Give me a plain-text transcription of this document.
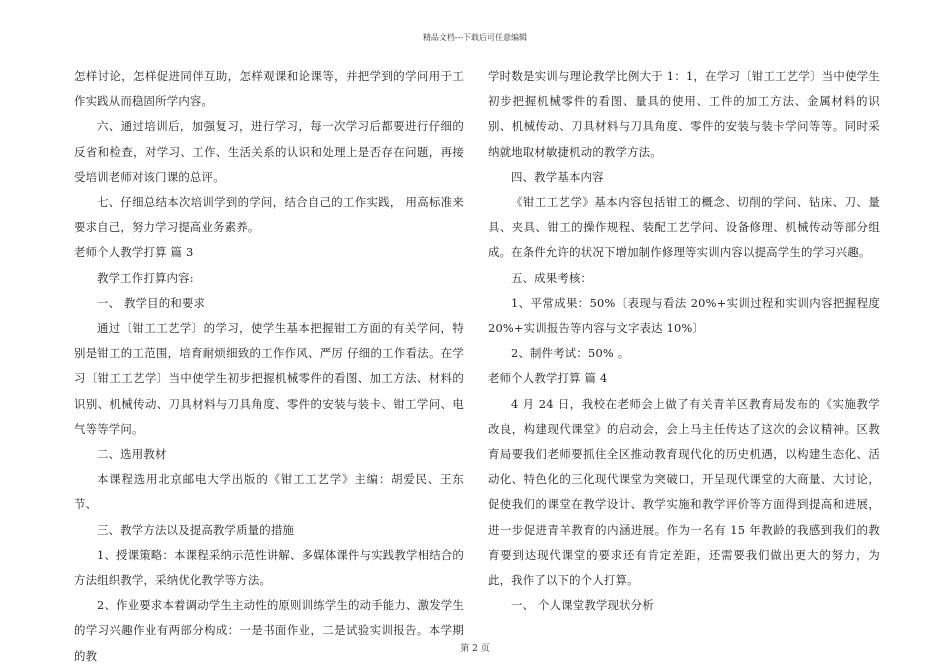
精品文档---下载后可任意编辑

怎样讨论，怎样促进同伴互助，怎样观课和论课等，并把学到的学问用于工作实践从而稳固所学内容。

六、通过培训后，加强复习，进行学习，每一次学习后都要进行仔细的反省和检查，对学习、工作、生活关系的认识和处理上是否存在问题，再接受培训老师对该门课的总评。

七、仔细总结本次培训学到的学问，结合自己的工作实践， 用高标准来要求自己，努力学习提高业务素养。

老师个人教学打算 篇 3

教学工作打算内容:

一、 教学目的和要求

通过〔钳工工艺学〕的学习，使学生基本把握钳工方面的有关学问，特别是钳工的工范围，培育耐烦细致的工作作风、严厉 仔细的工作看法。在学习〔钳工工艺学〕当中使学生初步把握机械零件的看图、加工方法、材料的识别、机械传动、刀具材料与刀具角度、零件的安装与装卡、钳工学问、电气等等学问。

二、选用教材

本课程选用北京邮电大学出版的《钳工工艺学》主编：胡爱民、王东节、

三、教学方法以及提高教学质量的措施

1、授课策略：本课程采纳示范性讲解、多媒体课件与实践教学相结合的方法组织教学，采纳优化教学等方法。

2、作业要求本着调动学生主动性的原则训练学生的动手能力、激发学生的学习兴趣作业有两部分构成：一是书面作业，二是试验实训报告。本学期的教

学时数是实训与理论教学比例大于 1：1，在学习〔钳工工艺学〕当中使学生初步把握机械零件的看图、量具的使用、工件的加工方法、金属材料的识别、机械传动、刀具材料与刀具角度、零件的安装与装卡学问等等。同时采纳就地取材敏捷机动的教学方法。

四、教学基本内容

《钳工工艺学》基本内容包括钳工的概念、切削的学问、钻床、刀、量具、夹具、钳工的操作规程、装配工艺学问、设备修理、机械传动等部分组成。在条件允许的状况下增加制作修理等实训内容以提高学生的学习兴趣。

五、成果考核：

1、平常成果：50%〔表现与看法 20%+实训过程和实训内容把握程度 20%+实训报告等内容与文字表达 10%〕

2、制件考试：50% 。

老师个人教学打算 篇 4

4 月 24 日，我校在老师会上做了有关青羊区教育局发布的《实施教学改良，构建现代课堂》的启动会，会上马主任传达了这次的会议精神。区教育局要我们老师要抓住全区推动教育现代化的历史机遇，以构建生态化、活动化、特色化的三化现代课堂为突破口，开呈现代课堂的大商量、大讨论，促使我们的课堂在教学设计、教学实施和教学评价等方面得到提高和进展，进一步促进青羊教育的内涵进展。作为一名有 15 年教龄的我感到我们的教育要到达现代课堂的要求还有肯定差距，还需要我们做出更大的努力，为此，我作了以下的个人打算。

一、 个人课堂教学现状分析

第 2 页
